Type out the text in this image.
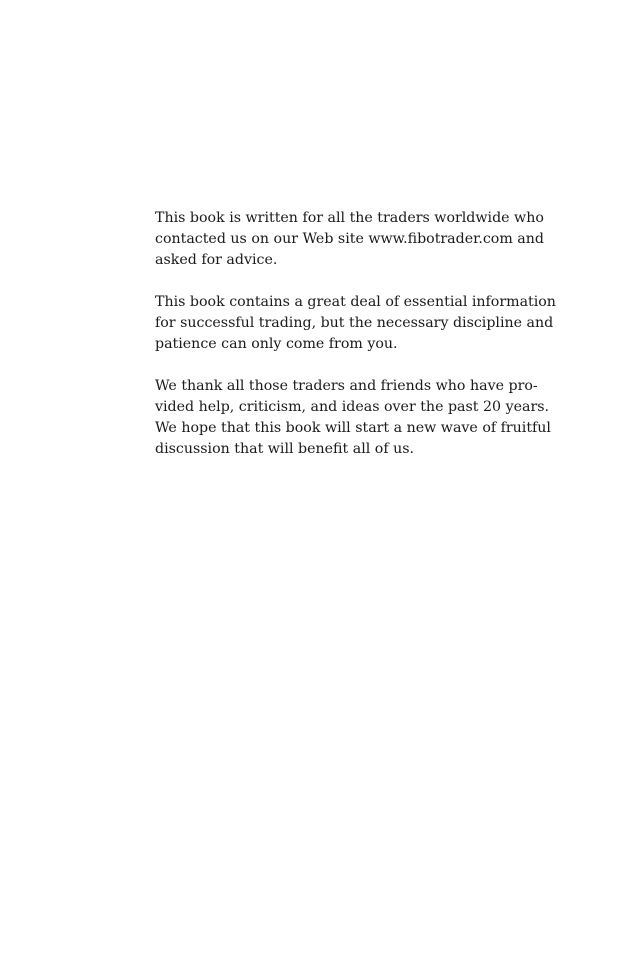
This book is written for all the traders worldwide who
contacted us on our Web site www.fibotrader.com and
asked for advice.

This book contains a great deal of essential information
for successful trading, but the necessary discipline and
patience can only come from you.

We thank all those traders and friends who have pro-
vided help, criticism, and ideas over the past 20 years.
We hope that this book will start a new wave of fruitful
discussion that will benefit all of us.
